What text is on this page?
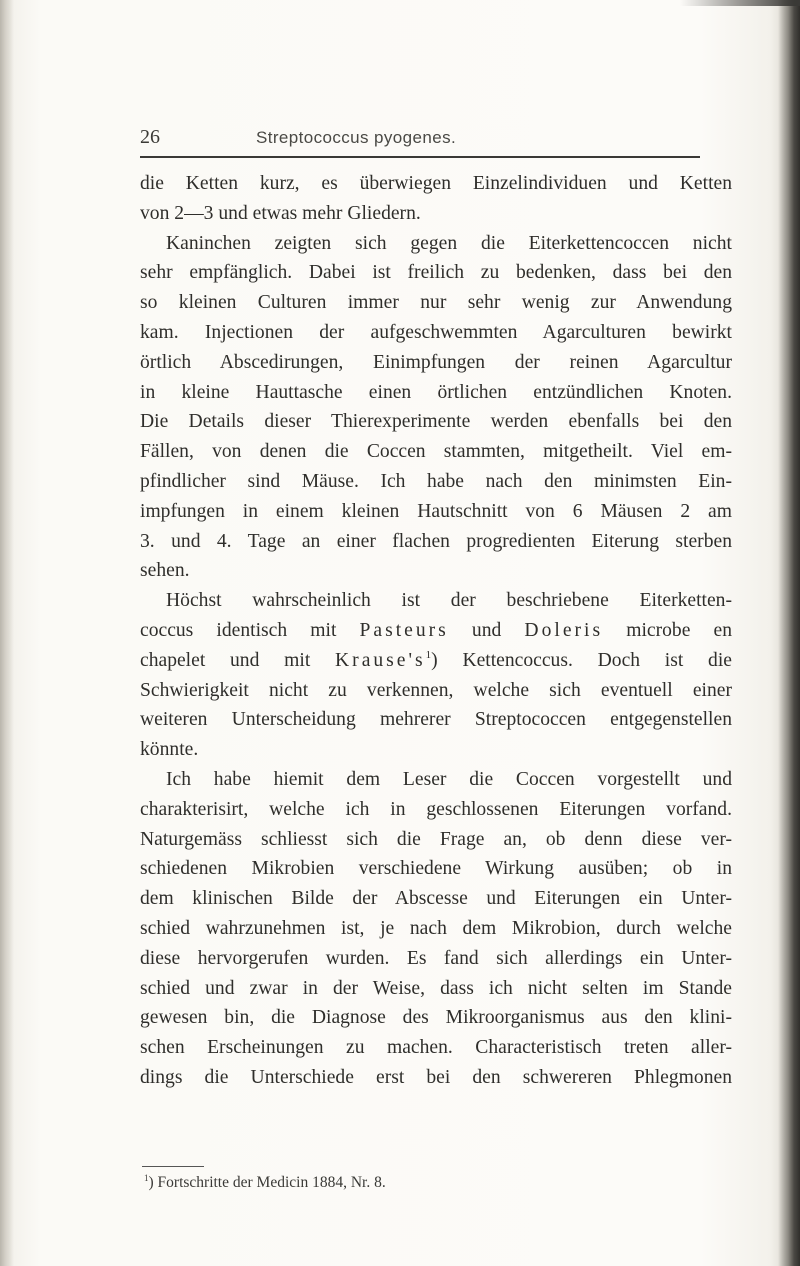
26	Streptococcus pyogenes.
die Ketten kurz, es überwiegen Einzelindividuen und Ketten
von 2—3 und etwas mehr Gliedern.
Kaninchen zeigten sich gegen die Eiterkettencoccen nicht
sehr empfänglich. Dabei ist freilich zu bedenken, dass bei den
so kleinen Culturen immer nur sehr wenig zur Anwendung
kam. Injectionen der aufgeschwemmten Agarculturen bewirkt
örtlich Abscedirungen, Einimpfungen der reinen Agarcultur
in kleine Hauttasche einen örtlichen entzündlichen Knoten.
Die Details dieser Thierexperimente werden ebenfalls bei den
Fällen, von denen die Coccen stammten, mitgetheilt. Viel em-
pfindlicher sind Mäuse. Ich habe nach den minimsten Ein-
impfungen in einem kleinen Hautschnitt von 6 Mäusen 2 am
3. und 4. Tage an einer flachen progredienten Eiterung sterben
sehen.
Höchst wahrscheinlich ist der beschriebene Eiterketten-
coccus identisch mit Pasteurs und Doleris microbe en
chapelet und mit $Krause's^1$) Kettencoccus. Doch ist die
Schwierigkeit nicht zu verkennen, welche sich eventuell einer
weiteren Unterscheidung mehrerer Streptococcen entgegenstellen
könnte.
Ich habe hiemit dem Leser die Coccen vorgestellt und
charakterisirt, welche ich in geschlossenen Eiterungen vorfand.
Naturgemäss schliesst sich die Frage an, ob denn diese ver-
schiedenen Mikrobien verschiedene Wirkung ausüben; ob in
dem klinischen Bilde der Abscesse und Eiterungen ein Unter-
schied wahrzunehmen ist, je nach dem Mikrobion, durch welche
diese hervorgerufen wurden. Es fand sich allerdings ein Unter-
schied und zwar in der Weise, dass ich nicht selten im Stande
gewesen bin, die Diagnose des Mikroorganismus aus den klini-
schen Erscheinungen zu machen. Characteristisch treten aller-
dings die Unterschiede erst bei den schwereren Phlegmonen
$^1$) Fortschritte der Medicin 1884, Nr. 8.
